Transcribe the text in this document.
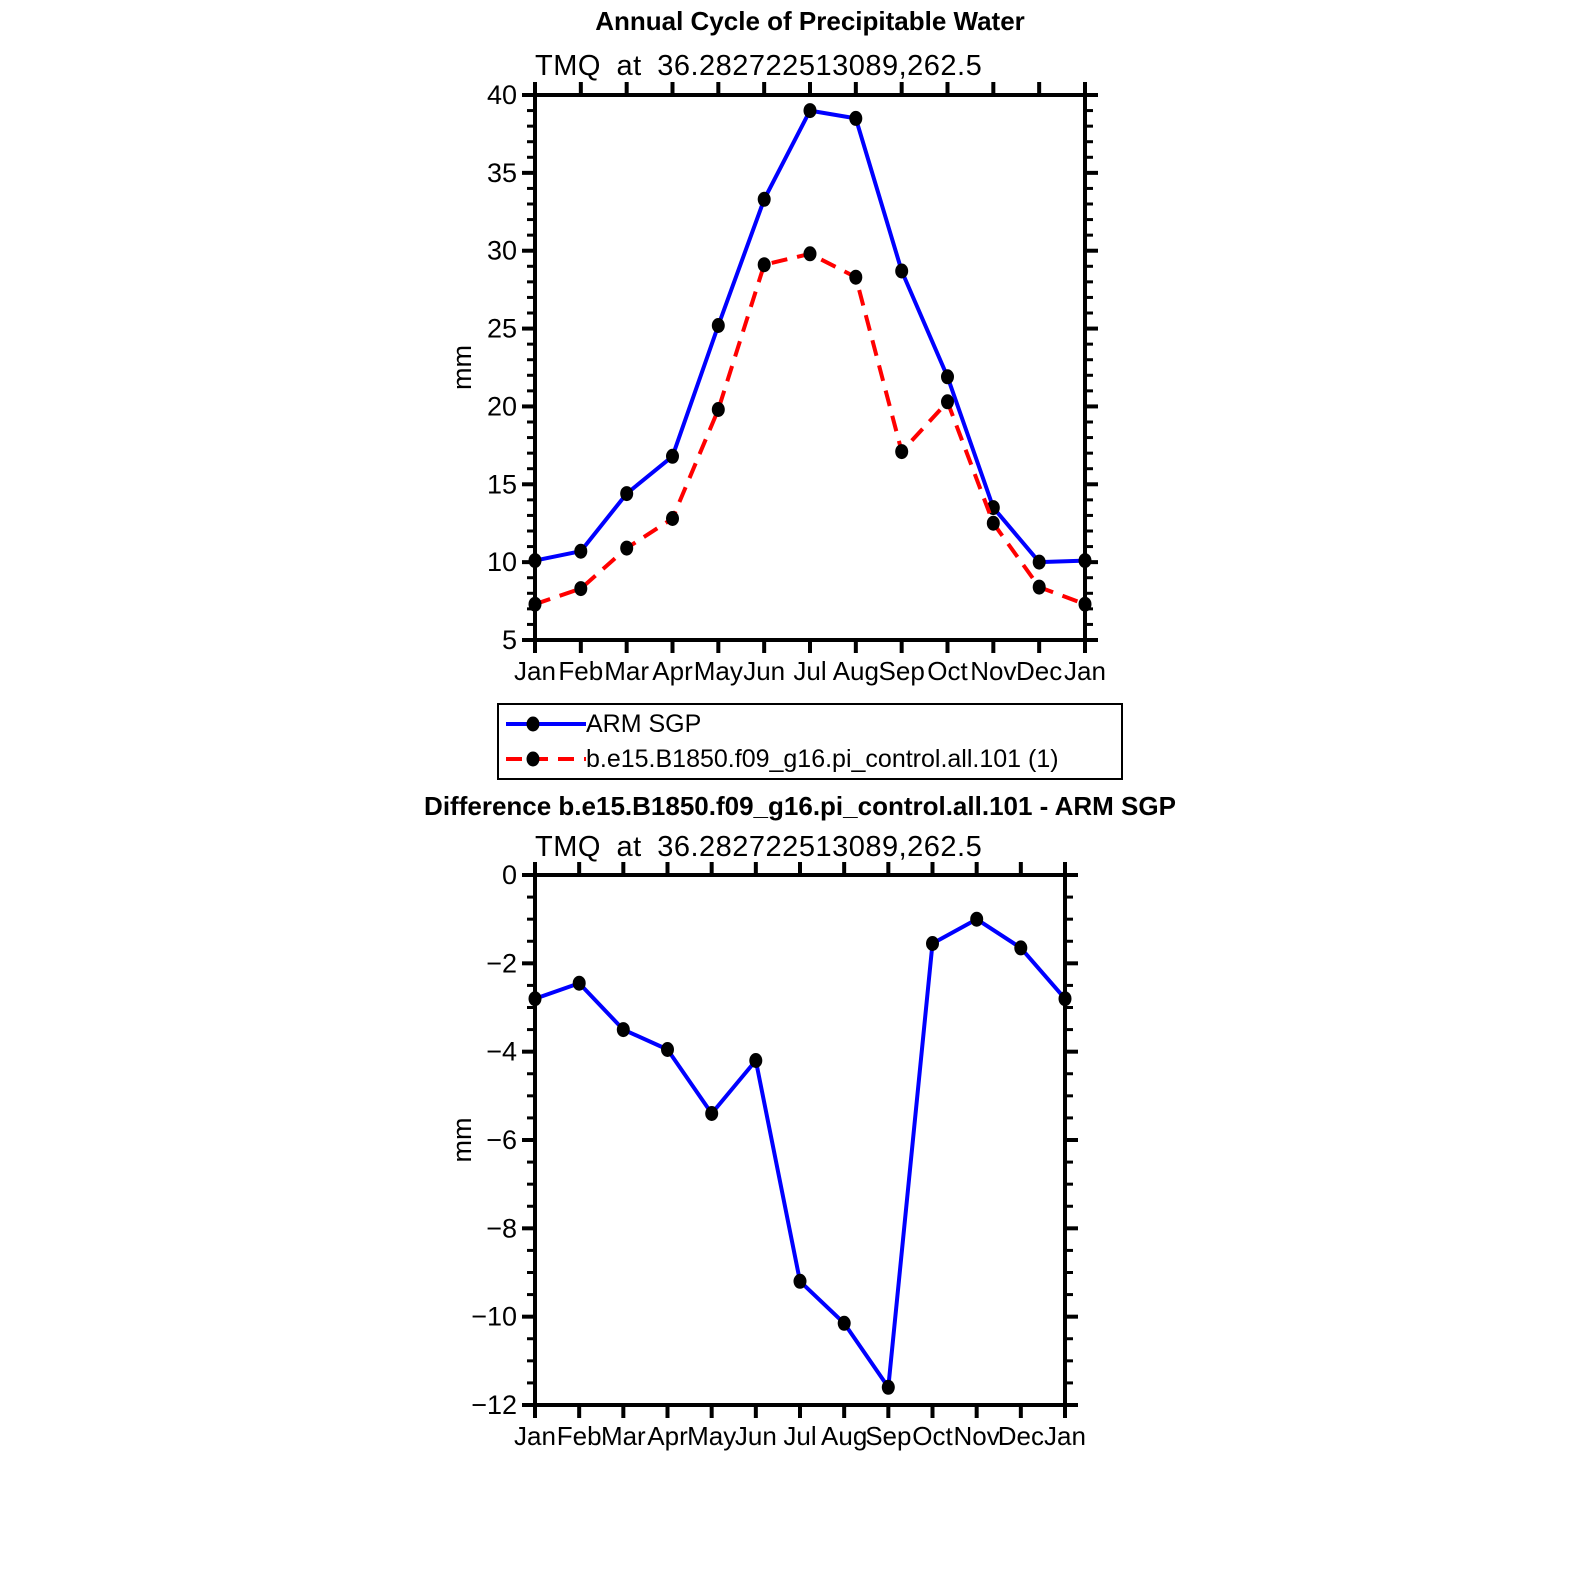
Annual Cycle of Precipitable Water
TMQ at 36.282722513089,262.5
40
35
30
25
20
15
10
5
Jan Feb Mar Apr May Jun Jul Aug Sep Oct Nov Dec Jan
mm
0
−2
−4
−6
−8
−10
−12
Jan Feb Mar Apr May
Jun Jul Aug
Sep Oct Nov
Dec Jan
mm
ARM SGP
b.e15.B1850.f09_g16.pi_control.all.101 (1)
Difference b.e15.B1850.f09_g16.pi_control.all.101 - ARM SGP
TMQ at 36.282722513089,262.5
